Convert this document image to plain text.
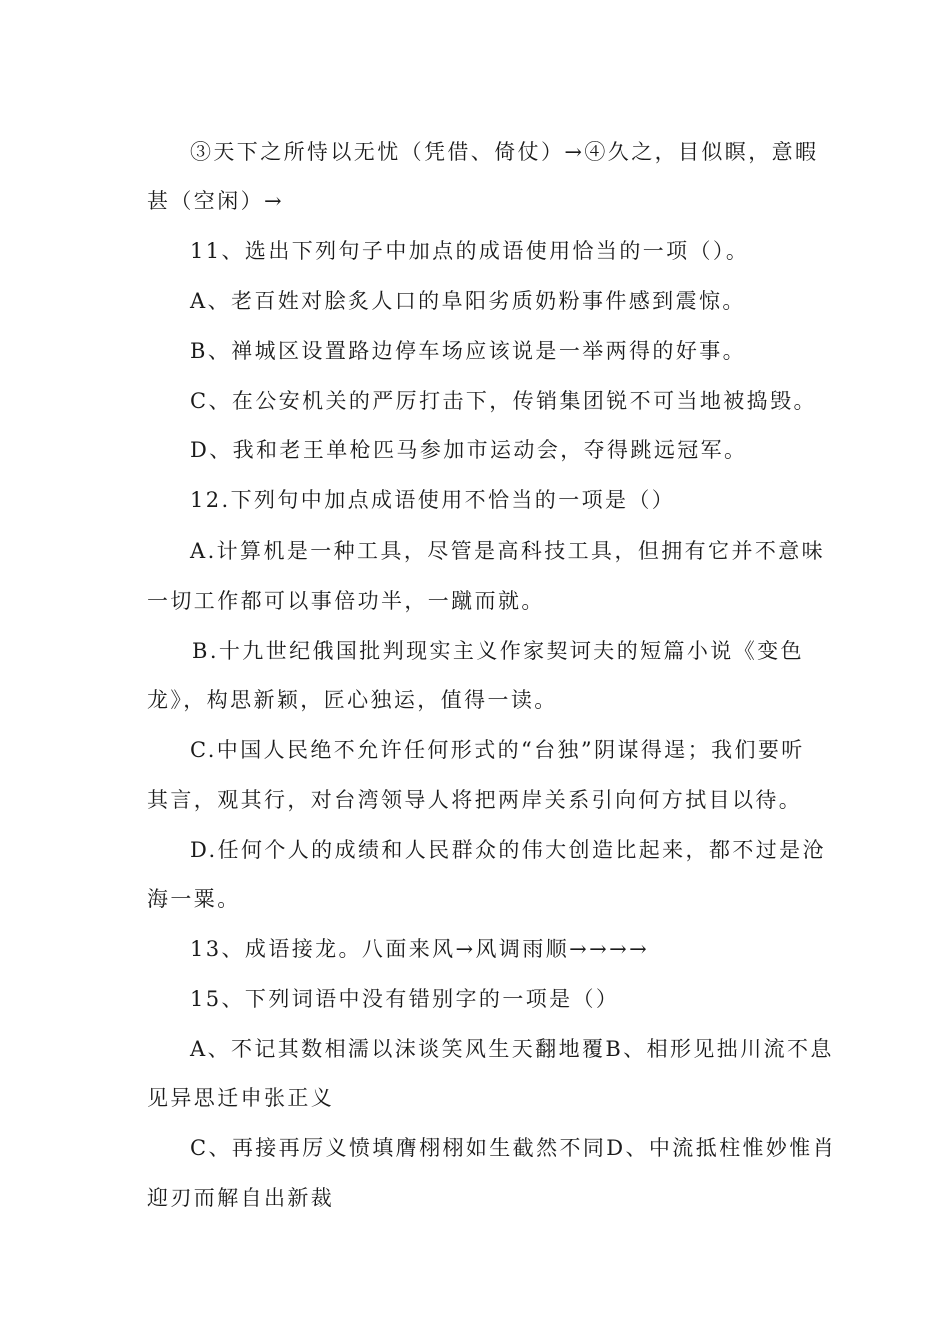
③天下之所恃以无忧（凭借、倚仗）→④久之，目似瞑，意暇
甚（空闲）→
11、选出下列句子中加点的成语使用恰当的一项（）。
A、老百姓对脍炙人口的阜阳劣质奶粉事件感到震惊。
B、禅城区设置路边停车场应该说是一举两得的好事。
C、在公安机关的严厉打击下，传销集团锐不可当地被捣毁。
D、我和老王单枪匹马参加市运动会，夺得跳远冠军。
12.下列句中加点成语使用不恰当的一项是（）
A.计算机是一种工具，尽管是高科技工具，但拥有它并不意味
一切工作都可以事倍功半，一蹴而就。
B.十九世纪俄国批判现实主义作家契诃夫的短篇小说《变色
龙》，构思新颖，匠心独运，值得一读。
C.中国人民绝不允许任何形式的“台独”阴谋得逞；我们要听
其言，观其行，对台湾领导人将把两岸关系引向何方拭目以待。
D.任何个人的成绩和人民群众的伟大创造比起来，都不过是沧
海一粟。
13、成语接龙。八面来风→风调雨顺→→→→
15、下列词语中没有错别字的一项是（）
A、不记其数相濡以沫谈笑风生天翻地覆B、相形见拙川流不息
见异思迁申张正义
C、再接再厉义愤填膺栩栩如生截然不同D、中流抵柱惟妙惟肖
迎刃而解自出新裁
